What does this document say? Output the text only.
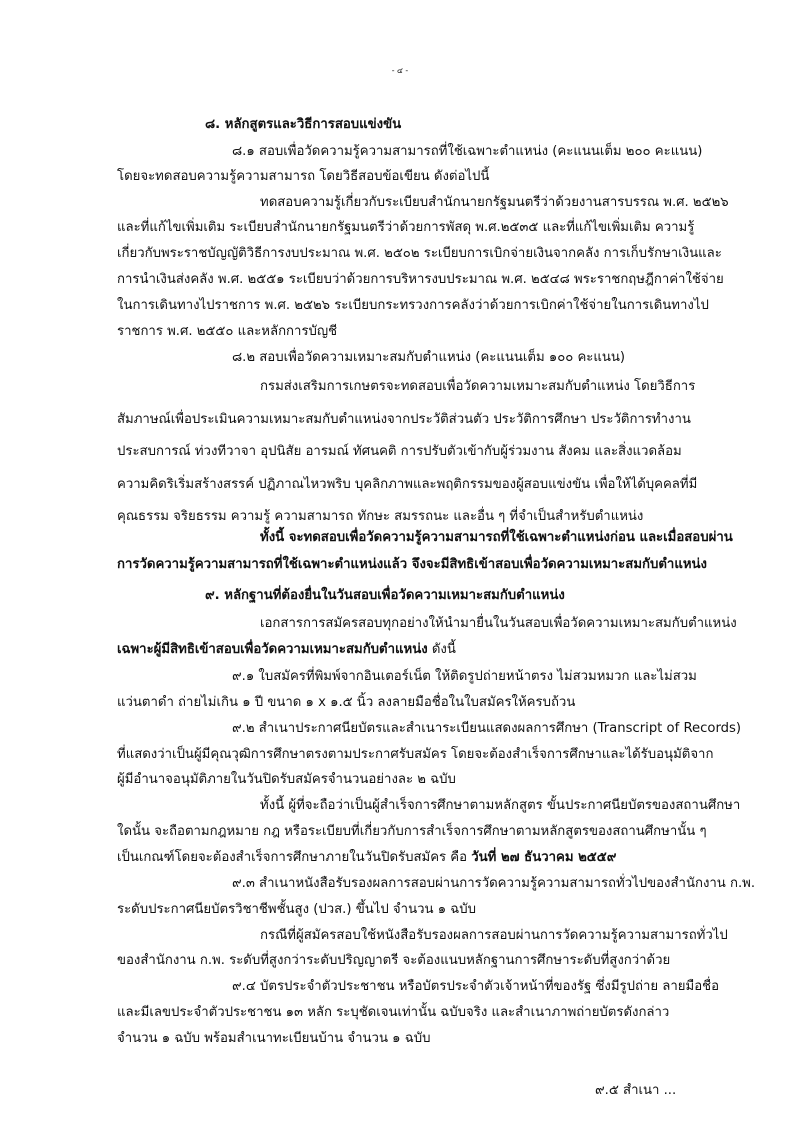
- ๔ -
๘. หลักสูตรและวิธีการสอบแข่งขัน
๘.๑ สอบเพื่อวัดความรู้ความสามารถที่ใช้เฉพาะตำแหน่ง (คะแนนเต็ม ๒๐๐ คะแนน)
โดยจะทดสอบความรู้ความสามารถ โดยวิธีสอบข้อเขียน ดังต่อไปนี้
ทดสอบความรู้เกี่ยวกับระเบียบสำนักนายกรัฐมนตรีว่าด้วยงานสารบรรณ พ.ศ. ๒๕๒๖
และที่แก้ไขเพิ่มเติม ระเบียบสำนักนายกรัฐมนตรีว่าด้วยการพัสดุ พ.ศ.๒๕๓๕ และที่แก้ไขเพิ่มเติม ความรู้
เกี่ยวกับพระราชบัญญัติวิธีการงบประมาณ พ.ศ. ๒๕๐๒ ระเบียบการเบิกจ่ายเงินจากคลัง การเก็บรักษาเงินและ
การนำเงินส่งคลัง พ.ศ. ๒๕๕๑ ระเบียบว่าด้วยการบริหารงบประมาณ พ.ศ. ๒๕๔๘ พระราชกฤษฎีกาค่าใช้จ่าย
ในการเดินทางไปราชการ พ.ศ. ๒๕๒๖ ระเบียบกระทรวงการคลังว่าด้วยการเบิกค่าใช้จ่ายในการเดินทางไป
ราชการ พ.ศ. ๒๕๕๐ และหลักการบัญชี
๘.๒ สอบเพื่อวัดความเหมาะสมกับตำแหน่ง (คะแนนเต็ม ๑๐๐ คะแนน)
กรมส่งเสริมการเกษตรจะทดสอบเพื่อวัดความเหมาะสมกับตำแหน่ง โดยวิธีการ
สัมภาษณ์เพื่อประเมินความเหมาะสมกับตำแหน่งจากประวัติส่วนตัว ประวัติการศึกษา ประวัติการทำงาน
ประสบการณ์ ท่วงทีวาจา อุปนิสัย อารมณ์ ทัศนคติ การปรับตัวเข้ากับผู้ร่วมงาน สังคม และสิ่งแวดล้อม
ความคิดริเริ่มสร้างสรรค์ ปฏิภาณไหวพริบ บุคลิกภาพและพฤติกรรมของผู้สอบแข่งขัน เพื่อให้ได้บุคคลที่มี
คุณธรรม จริยธรรม ความรู้ ความสามารถ ทักษะ สมรรถนะ และอื่น ๆ ที่จำเป็นสำหรับตำแหน่ง
ทั้งนี้ จะทดสอบเพื่อวัดความรู้ความสามารถที่ใช้เฉพาะตำแหน่งก่อน และเมื่อสอบผ่าน
การวัดความรู้ความสามารถที่ใช้เฉพาะตำแหน่งแล้ว จึงจะมีสิทธิเข้าสอบเพื่อวัดความเหมาะสมกับตำแหน่ง
๙. หลักฐานที่ต้องยื่นในวันสอบเพื่อวัดความเหมาะสมกับตำแหน่ง
เอกสารการสมัครสอบทุกอย่างให้นำมายื่นในวันสอบเพื่อวัดความเหมาะสมกับตำแหน่ง
เฉพาะผู้มีสิทธิเข้าสอบเพื่อวัดความเหมาะสมกับตำแหน่ง ดังนี้
๙.๑ ใบสมัครที่พิมพ์จากอินเตอร์เน็ต ให้ติดรูปถ่ายหน้าตรง ไม่สวมหมวก และไม่สวม
แว่นตาดำ ถ่ายไม่เกิน ๑ ปี ขนาด ๑ x ๑.๕ นิ้ว ลงลายมือชื่อในใบสมัครให้ครบถ้วน
๙.๒ สำเนาประกาศนียบัตรและสำเนาระเบียนแสดงผลการศึกษา (Transcript of Records)
ที่แสดงว่าเป็นผู้มีคุณวุฒิการศึกษาตรงตามประกาศรับสมัคร โดยจะต้องสำเร็จการศึกษาและได้รับอนุมัติจาก
ผู้มีอำนาจอนุมัติภายในวันปิดรับสมัครจำนวนอย่างละ ๒ ฉบับ
ทั้งนี้ ผู้ที่จะถือว่าเป็นผู้สำเร็จการศึกษาตามหลักสูตร ขั้นประกาศนียบัตรของสถานศึกษา
ใดนั้น จะถือตามกฎหมาย กฎ หรือระเบียบที่เกี่ยวกับการสำเร็จการศึกษาตามหลักสูตรของสถานศึกษานั้น ๆ
เป็นเกณฑ์โดยจะต้องสำเร็จการศึกษาภายในวันปิดรับสมัคร คือ วันที่ ๒๗ ธันวาคม ๒๕๕๙
๙.๓ สำเนาหนังสือรับรองผลการสอบผ่านการวัดความรู้ความสามารถทั่วไปของสำนักงาน ก.พ.
ระดับประกาศนียบัตรวิชาชีพชั้นสูง (ปวส.) ขึ้นไป จำนวน ๑ ฉบับ
กรณีที่ผู้สมัครสอบใช้หนังสือรับรองผลการสอบผ่านการวัดความรู้ความสามารถทั่วไป
ของสำนักงาน ก.พ. ระดับที่สูงกว่าระดับปริญญาตรี จะต้องแนบหลักฐานการศึกษาระดับที่สูงกว่าด้วย
๙.๔ บัตรประจำตัวประชาชน หรือบัตรประจำตัวเจ้าหน้าที่ของรัฐ ซึ่งมีรูปถ่าย ลายมือชื่อ
และมีเลขประจำตัวประชาชน ๑๓ หลัก ระบุชัดเจนเท่านั้น ฉบับจริง และสำเนาภาพถ่ายบัตรดังกล่าว
จำนวน ๑ ฉบับ พร้อมสำเนาทะเบียนบ้าน จำนวน ๑ ฉบับ
๙.๕ สำเนา ...
